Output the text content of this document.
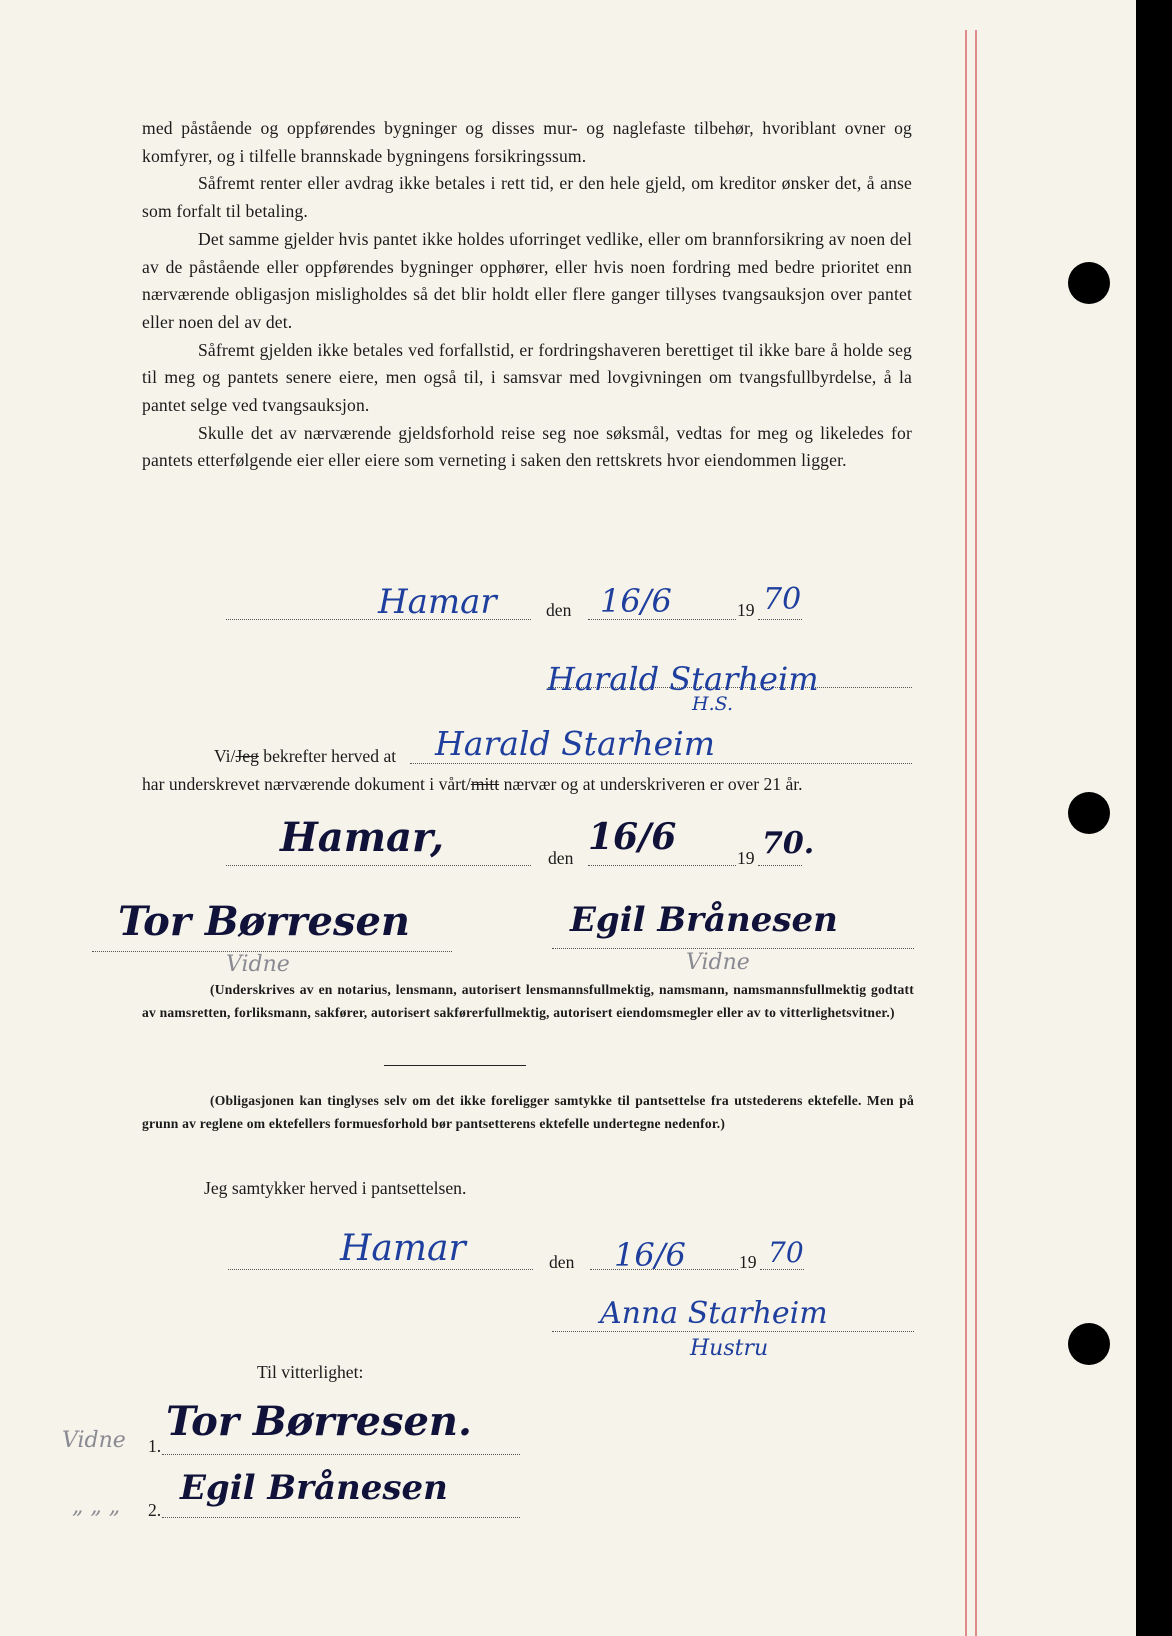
med påstående og oppførendes bygninger og disses mur- og naglefaste tilbehør, hvoriblant ovner og komfyrer, og i tilfelle brannskade bygningens forsikringssum.

Såfremt renter eller avdrag ikke betales i rett tid, er den hele gjeld, om kreditor ønsker det, å anse som forfalt til betaling.

Det samme gjelder hvis pantet ikke holdes uforringet vedlike, eller om brannforsikring av noen del av de påstående eller oppførendes bygninger opphører, eller hvis noen fordring med bedre prioritet enn nærværende obligasjon misligholdes så det blir holdt eller flere ganger tillyses tvangsauksjon over pantet eller noen del av det.

Såfremt gjelden ikke betales ved forfallstid, er fordringshaveren berettiget til ikke bare å holde seg til meg og pantets senere eiere, men også til, i samsvar med lovgivningen om tvangsfullbyrdelse, å la pantet selge ved tvangsauksjon.

Skulle det av nærværende gjeldsforhold reise seg noe søksmål, vedtas for meg og likeledes for pantets etterfølgende eier eller eiere som verneting i saken den rettskrets hvor eiendommen ligger.

Hamar	den 16/6	19 70
Harald Starheim
H.S.
Vi/Jeg bekrefter herved at Harald Starheim
har underskrevet nærværende dokument i vårt/mitt nærvær og at underskriveren er over 21 år.
Hamar,	den 16/6	19 70.
Tor Børresen
Vidne
Egil Brånesen
Vidne

(Underskrives av en notarius, lensmann, autorisert lensmannsfullmektig, namsmann, namsmannsfullmektig godtatt av namsretten, forliksmann, sakfører, autorisert sakførerfullmektig, autorisert eiendomsmegler eller av to vitterlighetsvitner.)

(Obligasjonen kan tinglyses selv om det ikke foreligger samtykke til pantsettelse fra utstederens ektefelle. Men på grunn av reglene om ektefellers formuesforhold bør pantsetterens ektefelle undertegne nedenfor.)

Jeg samtykker herved i pantsettelsen.
Hamar	den 16/6	19 70
Anna Starheim
Hustru
Til vitterlighet:
Vidne 1.
Tor Børresen.
„ „ „ 2.
Egil Brånesen
